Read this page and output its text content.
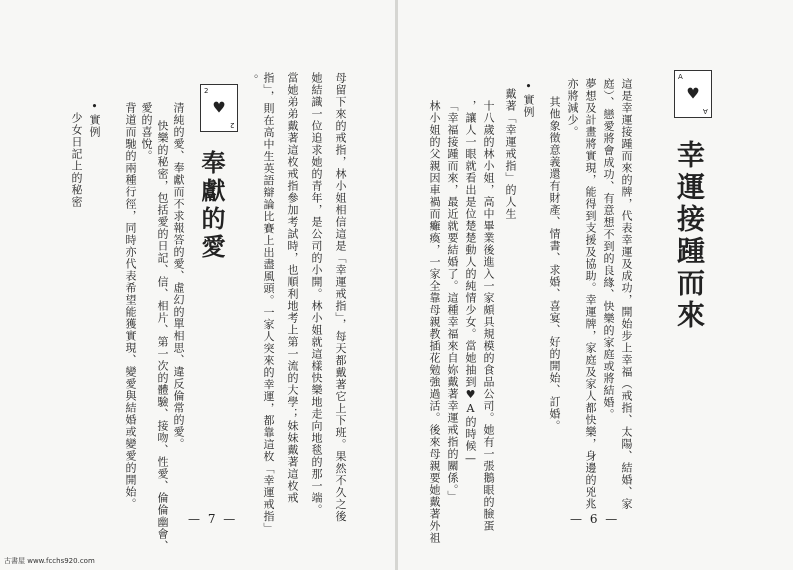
•實例
少女日記上的秘密	背道而馳的兩種行徑，同時亦代表希望能獲實現、變愛與結婚或變愛的開始。 愛的喜悅。 快樂的秘密，包括愛的日記、信、相片、第一次的體驗、接吻、性愛、倫倫幽會、 清純的愛、奉獻而不求報答的愛、虛幻的單相思、違反倫常的愛。
2
♥
2
奉獻的愛	指」，則在高中生英語辯論比賽上出盡風頭。一家人突來的幸運，都靠這枚「幸運戒指」 當她弟弟戴著這枚戒指參加考試時，也順利地考上第一流的大學；妹妹戴著這枚戒 她結識一位追求她的青年，是公司的小開。林小姐就這樣快樂地走向地毯的那一端。 母留下來的戒指，林小姐相信這是「幸運戒指」，每天都戴著它上下班。果然不久之後
。
— 7 —	林小姐的父親因車禍而癱瘓，一家全靠母親教插花勉強過活。後來母親要她戴著外祖 「幸福接踵而來，最近就要結婚了。這種幸福來自妳戴著幸運戒指的關係。」 ，讓人一眼就看出是位楚楚動人的純情少女。當她抽到♥A的時候— 十八歲的林小姐，高中畢業後進入一家頗具規模的食品公司。她有一張鵝眼的臉蛋 戴著「幸運戒指」的人生 •實例 其他象徵意義還有財產、情書、求婚、喜宴、好的開始、訂婚。 亦將減少。 夢想及計畫將實現，能得到支援及協助。幸運牌，家庭及家人都快樂，身邊的兇兆 庭）、戀愛將會成功、有意想不到的良緣、快樂的家庭或將結婚。 這是幸運接踵而來的牌，代表幸運及成功，開始步上幸福（戒指、太陽、結婚、家 幸運接踵而來
A
♥
A
— 6 —
古書屋 www.fcchs920.com
